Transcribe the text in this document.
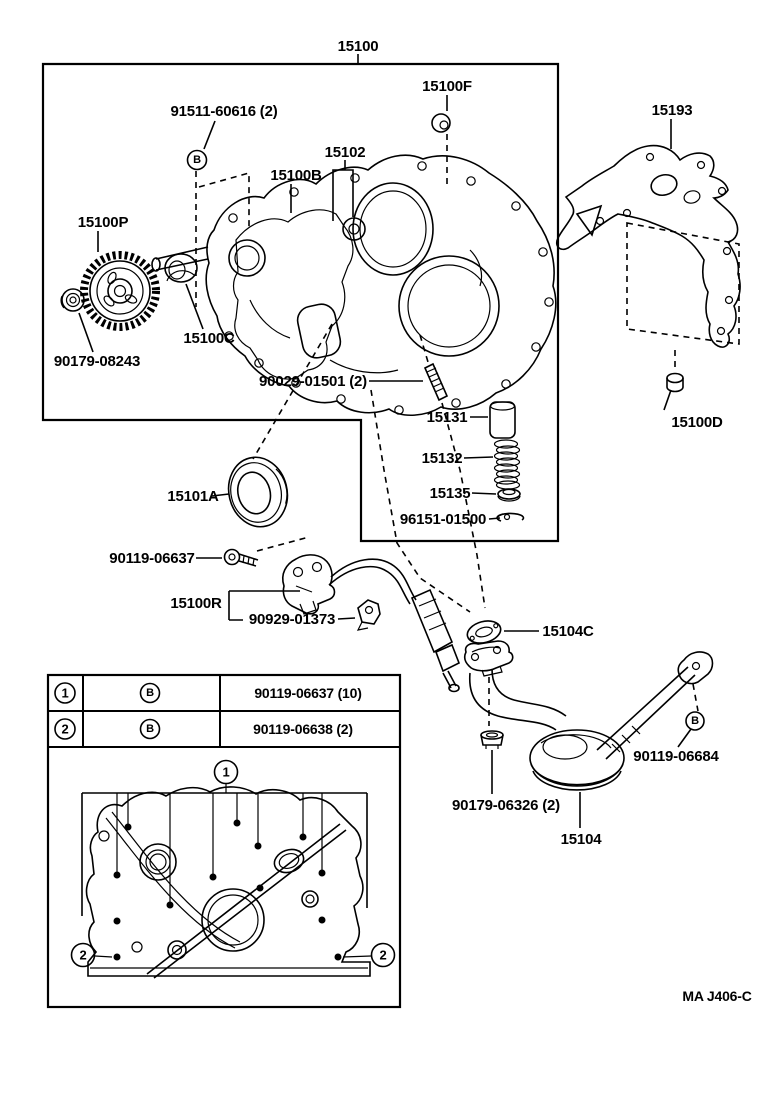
15100
15100F
91511-60616 (2)
B	15102
15100B
15100P
90179-08243
15100C
90029-01501 (2)
15193
15100D
15131
15132
15135
96151-01500
15101A
90119-06637
15100R
90929-01373
15104C
B
90119-06684
90179-06326 (2)
15104
1	B	90119-06637 (10)
2	B	90119-06638 (2)
1
2	2
MA J406-C
